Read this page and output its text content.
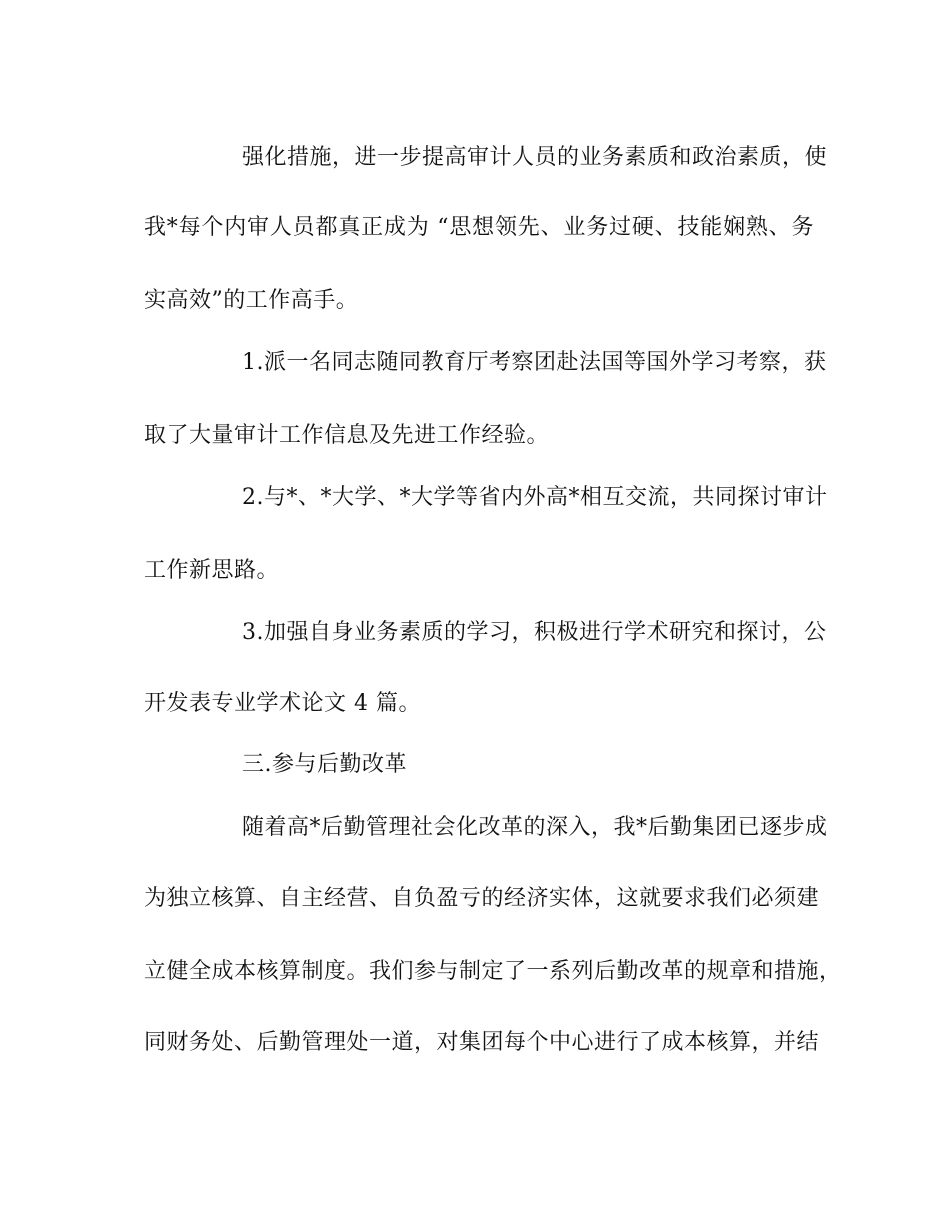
强化措施，进一步提高审计人员的业务素质和政治素质，使
我*每个内审人员都真正成为 “思想领先、业务过硬、技能娴熟、务
实高效”的工作高手。
1.派一名同志随同教育厅考察团赴法国等国外学习考察，获
取了大量审计工作信息及先进工作经验。
2.与*、*大学、*大学等省内外高*相互交流，共同探讨审计
工作新思路。
3.加强自身业务素质的学习，积极进行学术研究和探讨，公
开发表专业学术论文 4 篇。
三.参与后勤改革
随着高*后勤管理社会化改革的深入，我*后勤集团已逐步成
为独立核算、自主经营、自负盈亏的经济实体，这就要求我们必须建
立健全成本核算制度。我们参与制定了一系列后勤改革的规章和措施，
同财务处、后勤管理处一道，对集团每个中心进行了成本核算，并结
